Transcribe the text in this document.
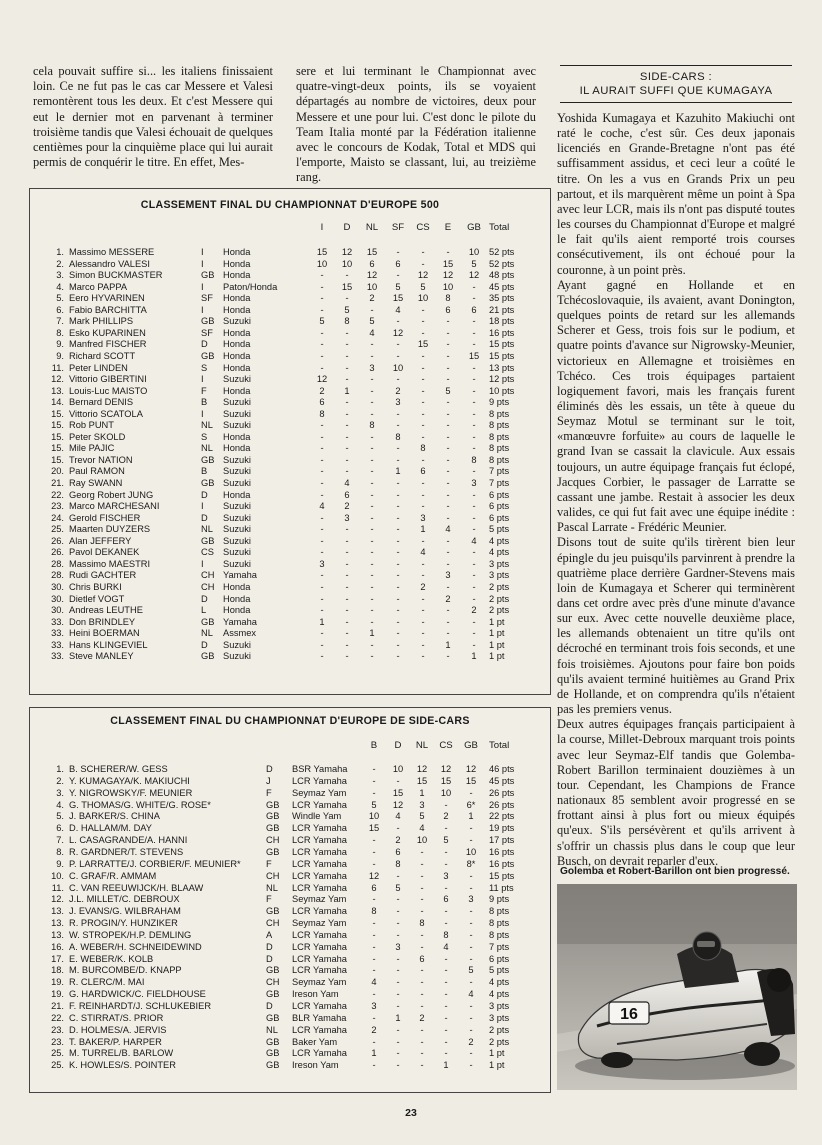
cela pouvait suffire si... les italiens finissaient loin. Ce ne fut pas le cas car Messere et Valesi remontèrent tous les deux. Et c'est Messere qui eut le dernier mot en parvenant à terminer troisième tandis que Valesi échouait de quelques centièmes pour la cinquième place qui lui aurait permis de conquérir le titre. En effet, Mes-

sere et lui terminant le Championnat avec quatre-vingt-deux points, ils se voyaient départagés au nombre de victoires, deux pour Messere et une pour lui. C'est donc le pilote du Team Italia monté par la Fédération italienne avec le concours de Kodak, Total et MDS qui l'emporte, Maisto se classant, lui, au treizième rang.

CLASSEMENT FINAL DU CHAMPIONNAT D'EUROPE 500
I	D	NL	SF	CS	E	GB Total
1. Massimo MESSERE	I Honda	15	12	15	-	-	-	10	52 pts
2. Alessandro VALESI	I Honda	10	10	6	6	-	15	5	52 pts
3. Simon BUCKMASTER	GB Honda	-	-	12	-	12	12	12	48 pts
4. Marco PAPPA	I Paton/Honda	-	15	10	5	5	10	-	45 pts
5. Eero HYVARINEN	SF Honda	-	-	2	15	10	8	-	35 pts
6. Fabio BARCHITTA	I Honda	-	5	-	4	-	6	6	21 pts
7. Mark PHILLIPS	GB Suzuki	5	8	5	-	-	-	-	18 pts
8. Esko KUPARINEN	SF Honda	-	-	4	12	-	-	-	16 pts
9. Manfred FISCHER	D Honda	-	-	-	-	15	-	-	15 pts
9. Richard SCOTT	GB Honda	-	-	-	-	-	-	15	15 pts
11. Peter LINDEN	S Honda	-	-	3	10	-	-	-	13 pts
12. Vittorio GIBERTINI	I Suzuki	12	-	-	-	-	-	-	12 pts
13. Louis-Luc MAISTO	F Honda	2	1	-	2	-	5	-	10 pts
14. Bernard DENIS	B Suzuki	6	-	-	3	-	-	-	9 pts
15. Vittorio SCATOLA	I Suzuki	8	-	-	-	-	-	-	8 pts
15. Rob PUNT	NL Suzuki	-	-	8	-	-	-	-	8 pts
15. Peter SKOLD	S Honda	-	-	-	8	-	-	-	8 pts
15. Mile PAJIC	NL Honda	-	-	-	-	8	-	-	8 pts
15. Trevor NATION	GB Suzuki	-	-	-	-	-	-	8	8 pts
20. Paul RAMON	B Suzuki	-	-	-	1	6	-	-	7 pts
21. Ray SWANN	GB Suzuki	-	4	-	-	-	-	3	7 pts
22. Georg Robert JUNG	D Honda	-	6	-	-	-	-	-	6 pts
23. Marco MARCHESANI	I Suzuki	4	2	-	-	-	-	-	6 pts
24. Gerold FISCHER	D Suzuki	-	3	-	-	3	-	-	6 pts
25. Maarten DUYZERS	NL Suzuki	-	-	-	-	1	4	-	5 pts
26. Alan JEFFERY	GB Suzuki	-	-	-	-	-	-	4	4 pts
26. Pavol DEKANEK	CS Suzuki	-	-	-	-	4	-	-	4 pts
28. Massimo MAESTRI	I Suzuki	3	-	-	-	-	-	-	3 pts
28. Rudi GACHTER	CH Yamaha	-	-	-	-	-	3	-	3 pts
30. Chris BURKI	CH Honda	-	-	-	-	2	-	-	2 pts
30. Dietlef VOGT	D Honda	-	-	-	-	-	2	-	2 pts
30. Andreas LEUTHE	L Honda	-	-	-	-	-	-	2	2 pts
33. Don BRINDLEY	GB Yamaha	1	-	-	-	-	-	-	1 pt
33. Heini BOERMAN	NL Assmex	-	-	1	-	-	-	-	1 pt
33. Hans KLINGEVIEL	D Suzuki	-	-	-	-	-	1	-	1 pt
33. Steve MANLEY	GB Suzuki	-	-	-	-	-	-	1	1 pt
CLASSEMENT FINAL DU CHAMPIONNAT D'EUROPE DE SIDE-CARS
B	D	NL	CS	GB	Total
1. B. SCHERER/W. GESS	D BSR Yamaha	-	10	12	12	12	46 pts
2. Y. KUMAGAYA/K. MAKIUCHI	J LCR Yamaha	-	-	15	15	15	45 pts
3. Y. NIGROWSKY/F. MEUNIER	F Seymaz Yam	-	15	1	10	-	26 pts
4. G. THOMAS/G. WHITE/G. ROSE*	GB LCR Yamaha	5	12	3	-	6*	26 pts
5. J. BARKER/S. CHINA	GB Windle Yam	10	4	5	2	1	22 pts
6. D. HALLAM/M. DAY	GB LCR Yamaha	15	-	4	-	-	19 pts
7. L. CASAGRANDE/A. HANNI	CH LCR Yamaha	-	2	10	5	-	17 pts
8. R. GARDNER/T. STEVENS	GB LCR Yamaha	-	6	-	-	10	16 pts
9. P. LARRATTE/J. CORBIER/F. MEUNIER*	F LCR Yamaha	-	8	-	-	8*	16 pts
10. C. GRAF/R. AMMAM	CH LCR Yamaha	12	-	-	3	-	15 pts
11. C. VAN REEUWIJCK/H. BLAAW	NL LCR Yamaha	6	5	-	-	-	11 pts
12. J.L. MILLET/C. DEBROUX	F Seymaz Yam	-	-	-	6	3	9 pts
13. J. EVANS/G. WILBRAHAM	GB LCR Yamaha	8	-	-	-	-	8 pts
13. R. PROGIN/Y. HUNZIKER	CH Seymaz Yam	-	-	8	-	-	8 pts
13. W. STROPEK/H.P. DEMLING	A LCR Yamaha	-	-	-	8	-	8 pts
16. A. WEBER/H. SCHNEIDEWIND	D LCR Yamaha	-	3	-	4	-	7 pts
17. E. WEBER/K. KOLB	D LCR Yamaha	-	-	6	-	-	6 pts
18. M. BURCOMBE/D. KNAPP	GB LCR Yamaha	-	-	-	-	5	5 pts
19. R. CLERC/M. MAI	CH Seymaz Yam	4	-	-	-	-	4 pts
19. G. HARDWICK/C. FIELDHOUSE	GB Ireson Yam	-	-	-	-	4	4 pts
21. F. REINHARDT/J. SCHLUKEBIER	D LCR Yamaha	3	-	-	-	-	3 pts
22. C. STIRRAT/S. PRIOR	GB BLR Yamaha	-	1	2	-	-	3 pts
23. D. HOLMES/A. JERVIS	NL LCR Yamaha	2	-	-	-	-	2 pts
23. T. BAKER/P. HARPER	GB Baker Yam	-	-	-	-	2	2 pts
25. M. TURREL/B. BARLOW	GB LCR Yamaha	1	-	-	-	-	1 pt
25. K. HOWLES/S. POINTER	GB Ireson Yam	-	-	-	1	-	1 pt
SIDE-CARS :
IL AURAIT SUFFI QUE KUMAGAYA

Yoshida Kumagaya et Kazuhito Makiuchi ont raté le coche, c'est sûr. Ces deux japonais licenciés en Grande-Bretagne n'ont pas été suffisamment assidus, et ceci leur a coûté le titre. On les a vus en Grands Prix un peu partout, et ils marquèrent même un point à Spa avec leur LCR, mais ils n'ont pas disputé toutes les courses du Championnat d'Europe et malgré le fait qu'ils aient remporté trois courses consécutivement, ils ont échoué pour la couronne, à un point près.

Ayant gagné en Hollande et en Tchécoslovaquie, ils avaient, avant Donington, quelques points de retard sur les allemands Scherer et Gess, trois fois sur le podium, et quatre points d'avance sur Nigrowsky-Meunier, victorieux en Allemagne et troisièmes en Tchéco. Ces trois équipages partaient logiquement favori, mais les français furent éliminés dès les essais, un tête à queue du Seymaz Motul se terminant sur le toit, «manœuvre forfuite» au cours de laquelle le grand Ivan se cassait la clavicule. Aux essais toujours, un autre équipage français fut éclopé, Jacques Corbier, le passager de Larratte se cassant une jambe. Restait à associer les deux valides, ce qui fut fait avec une équipe inédite : Pascal Larrate - Frédéric Meunier.

Disons tout de suite qu'ils tirèrent bien leur épingle du jeu puisqu'ils parvinrent à prendre la quatrième place derrière Gardner-Stevens mais loin de Kumagaya et Scherer qui terminèrent dans cet ordre avec près d'une minute d'avance sur eux. Avec cette nouvelle deuxième place, les allemands obtenaient un titre qu'ils ont décroché en terminant trois fois seconds, et une fois troisièmes. Ajoutons pour faire bon poids qu'ils avaient terminé huitièmes au Grand Prix de Hollande, et on comprendra qu'ils n'étaient pas les premiers venus.

Deux autres équipages français participaient à la course, Millet-Debroux marquant trois points avec leur Seymaz-Elf tandis que Golemba-Robert Barillon terminaient douzièmes à un tour. Cependant, les Champions de France nationaux 85 semblent avoir progressé en se frottant ainsi à plus fort ou mieux équipés qu'eux. S'ils persévèrent et qu'ils arrivent à s'offrir un chassis plus dans le coup que leur Busch, on devrait reparler d'eux.

Golemba et Robert-Barillon ont bien progressé.
16
23
